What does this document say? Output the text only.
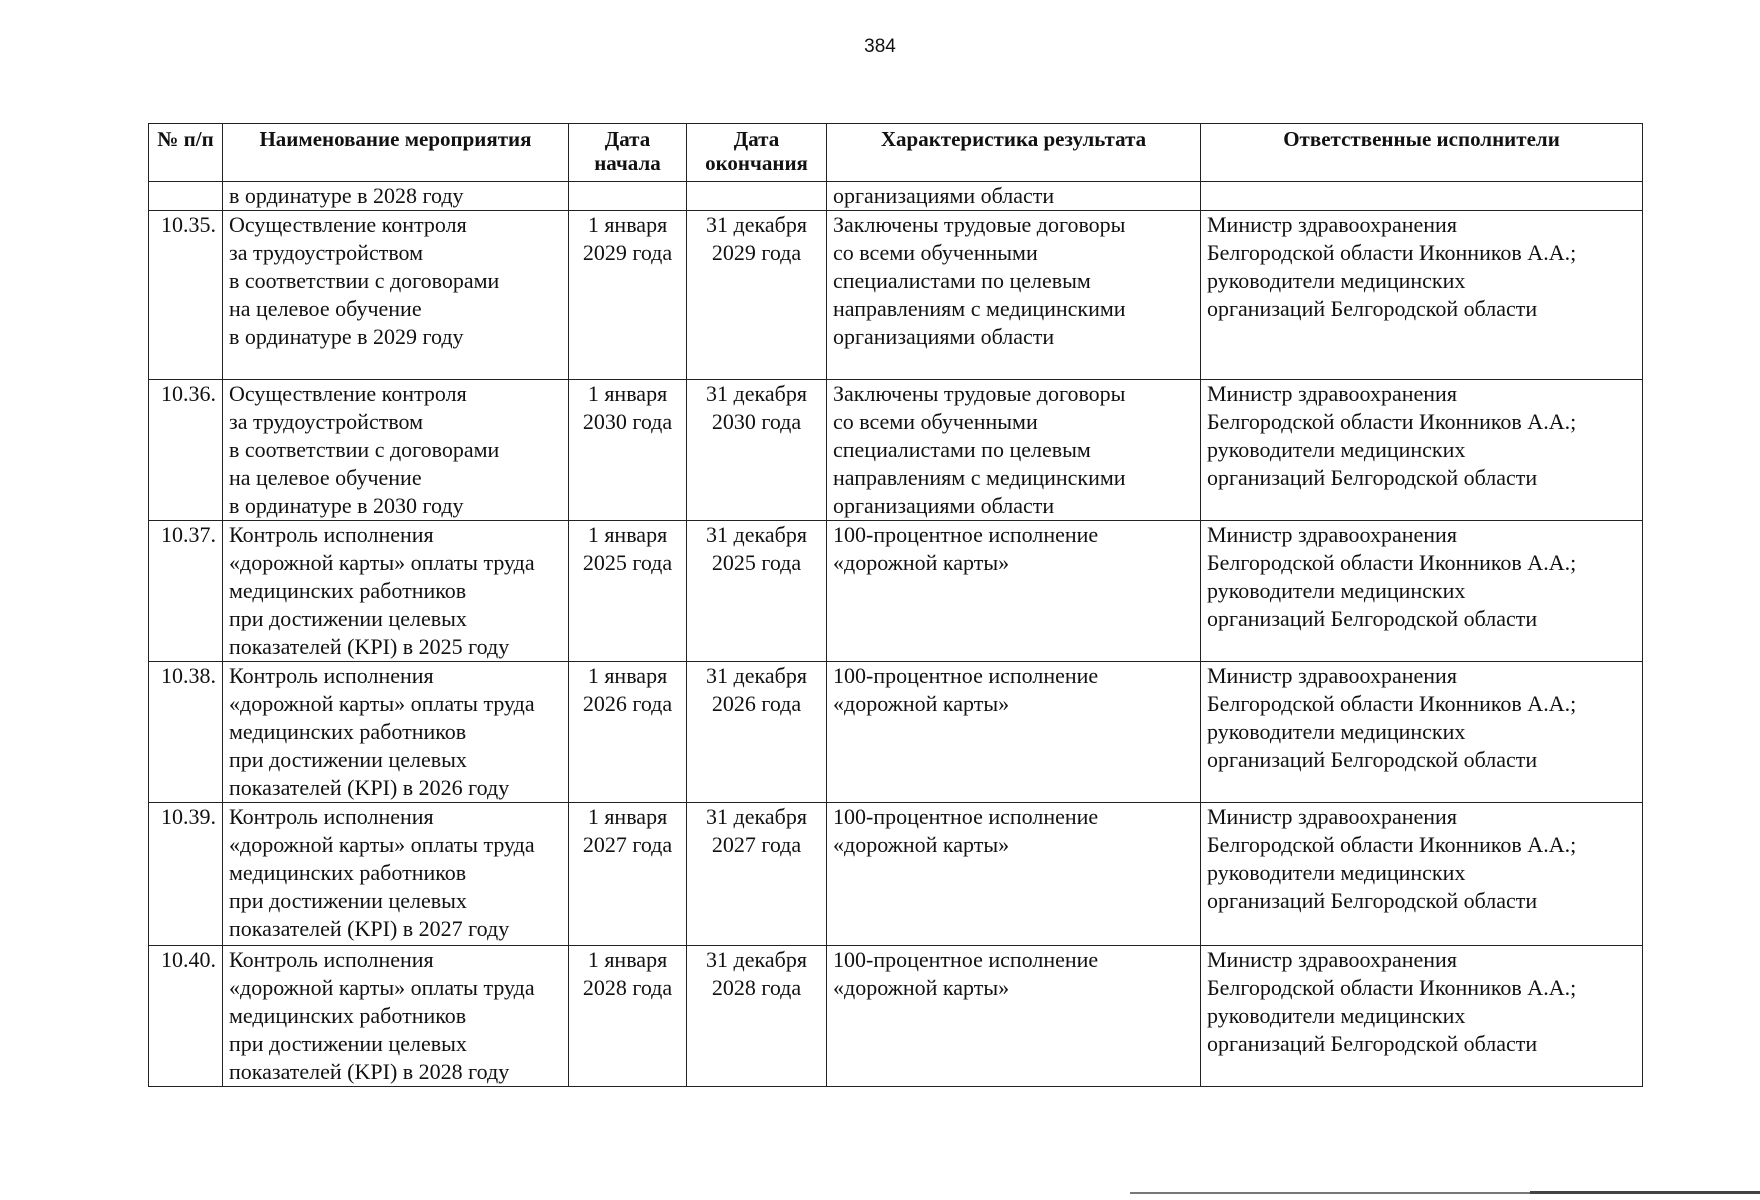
384
№ п/п	Наименование мероприятия	Дата начала	Дата окончания	Характеристика результата	Ответственные исполнители

	в ординатуре в 2028 году			организациями области	

10.35.	Осуществление контроля
за трудоустройством
в соответствии с договорами
на целевое обучение
в ординатуре в 2029 году	1 января
2029 года	31 декабря
2029 года	Заключены трудовые договоры
со всеми обученными
специалистами по целевым
направлениям с медицинскими
организациями области	Министр здравоохранения
Белгородской области Иконников А.А.;
руководители медицинских
организаций Белгородской области

10.36.	Осуществление контроля
за трудоустройством
в соответствии с договорами
на целевое обучение
в ординатуре в 2030 году	1 января
2030 года	31 декабря
2030 года	Заключены трудовые договоры
со всеми обученными
специалистами по целевым
направлениям с медицинскими
организациями области	Министр здравоохранения
Белгородской области Иконников А.А.;
руководители медицинских
организаций Белгородской области

10.37.	Контроль исполнения
«дорожной карты» оплаты труда
медицинских работников
при достижении целевых
показателей (KPI) в 2025 году	1 января
2025 года	31 декабря
2025 года	100-процентное исполнение
«дорожной карты»	Министр здравоохранения
Белгородской области Иконников А.А.;
руководители медицинских
организаций Белгородской области

10.38.	Контроль исполнения
«дорожной карты» оплаты труда
медицинских работников
при достижении целевых
показателей (KPI) в 2026 году	1 января
2026 года	31 декабря
2026 года	100-процентное исполнение
«дорожной карты»	Министр здравоохранения
Белгородской области Иконников А.А.;
руководители медицинских
организаций Белгородской области

10.39.	Контроль исполнения
«дорожной карты» оплаты труда
медицинских работников
при достижении целевых
показателей (KPI) в 2027 году	1 января
2027 года	31 декабря
2027 года	100-процентное исполнение
«дорожной карты»	Министр здравоохранения
Белгородской области Иконников А.А.;
руководители медицинских
организаций Белгородской области

10.40.	Контроль исполнения
«дорожной карты» оплаты труда
медицинских работников
при достижении целевых
показателей (KPI) в 2028 году	1 января
2028 года	31 декабря
2028 года	100-процентное исполнение
«дорожной карты»	Министр здравоохранения
Белгородской области Иконников А.А.;
руководители медицинских
организаций Белгородской области
